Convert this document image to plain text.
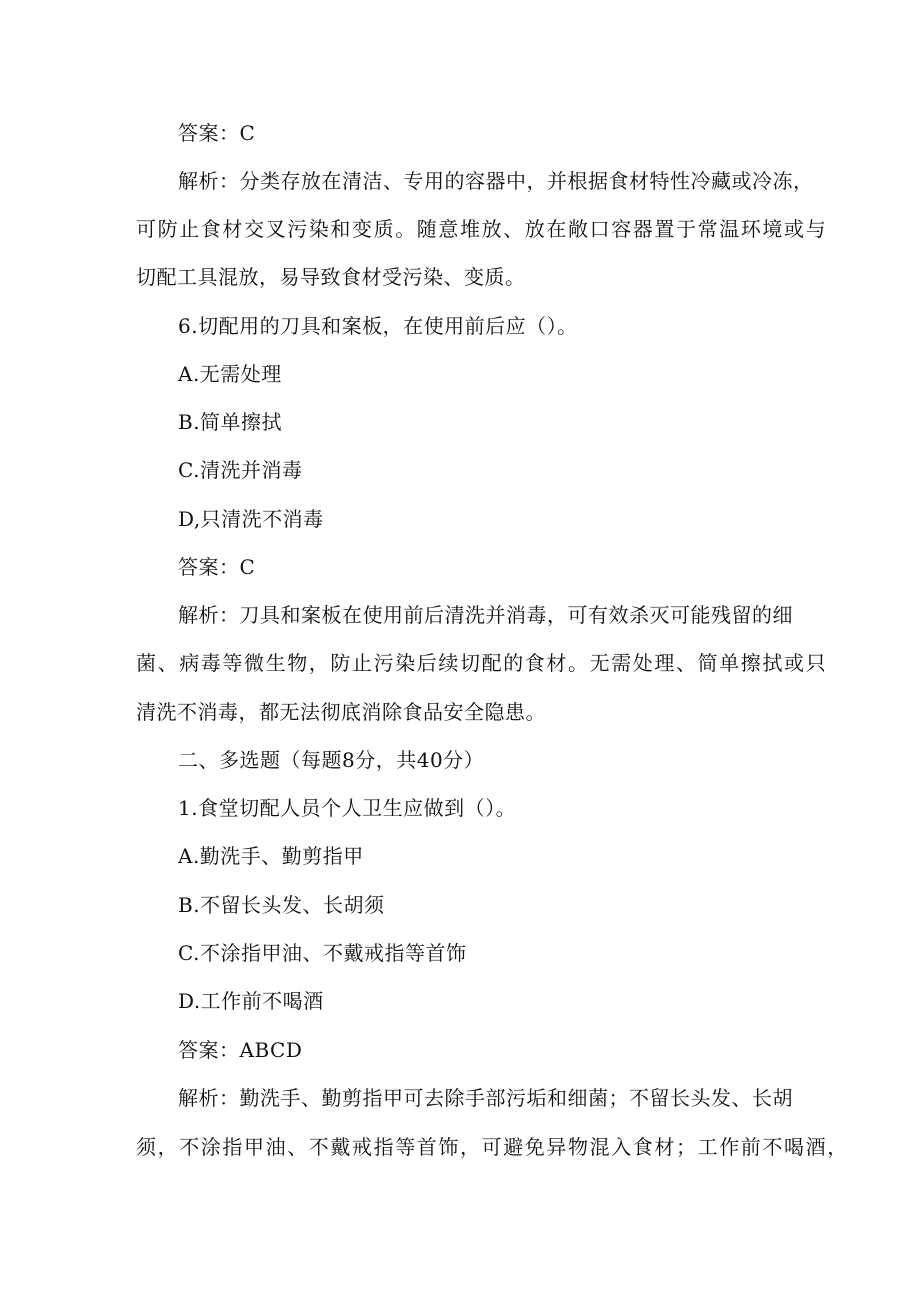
答案：C
解析：分类存放在清洁、专用的容器中，并根据食材特性冷藏或冷冻，
可防止食材交叉污染和变质。随意堆放、放在敞口容器置于常温环境或与
切配工具混放，易导致食材受污染、变质。
6.切配用的刀具和案板，在使用前后应（）。
A.无需处理
B.简单擦拭
C.清洗并消毒
D,只清洗不消毒
答案：C
解析：刀具和案板在使用前后清洗并消毒，可有效杀灭可能残留的细
菌、病毒等微生物，防止污染后续切配的食材。无需处理、简单擦拭或只
清洗不消毒，都无法彻底消除食品安全隐患。
二、多选题（每题8分，共40分）
1.食堂切配人员个人卫生应做到（）。
A.勤洗手、勤剪指甲
B.不留长头发、长胡须
C.不涂指甲油、不戴戒指等首饰
D.工作前不喝酒
答案：ABCD
解析：勤洗手、勤剪指甲可去除手部污垢和细菌；不留长头发、长胡
须，不涂指甲油、不戴戒指等首饰，可避免异物混入食材；工作前不喝酒，
